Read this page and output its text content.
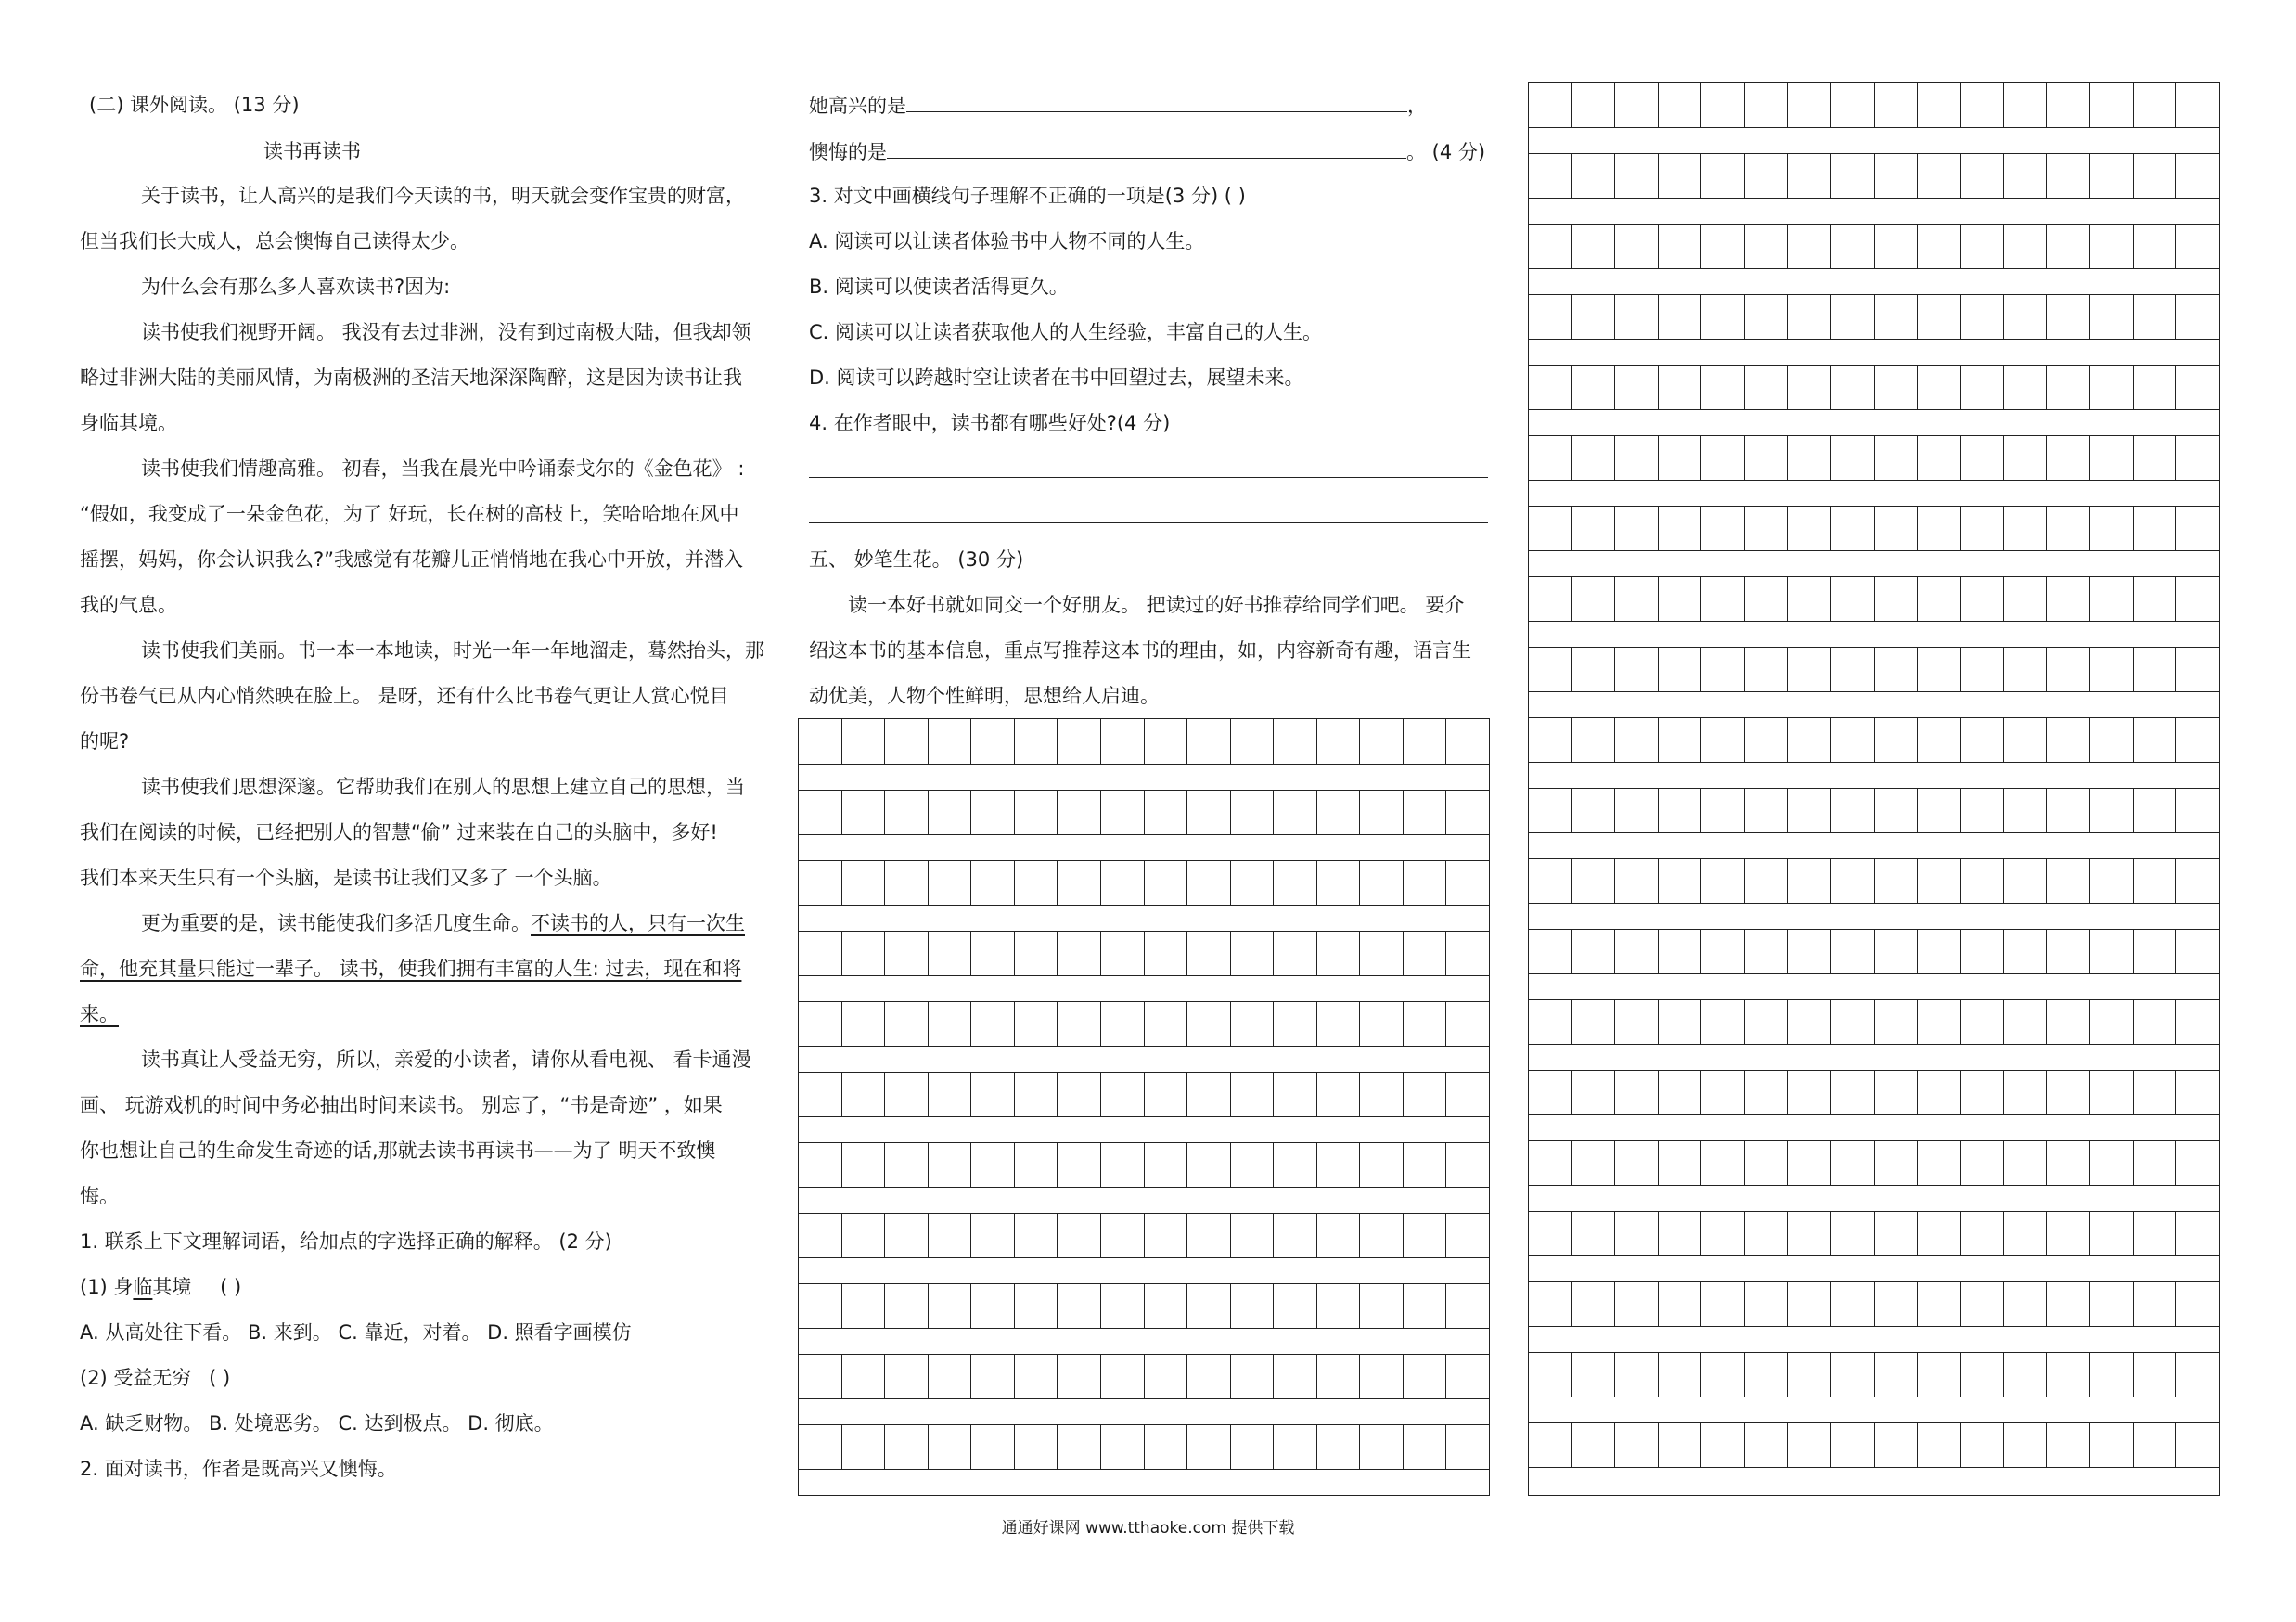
(二) 课外阅读。 (13 分)
读书再读书
关于读书，让人高兴的是我们今天读的书，明天就会变作宝贵的财富，
但当我们长大成人，总会懊悔自己读得太少。
为什么会有那么多人喜欢读书?因为:
读书使我们视野开阔。 我没有去过非洲，没有到过南极大陆，但我却领
略过非洲大陆的美丽风情，为南极洲的圣洁天地深深陶醉，这是因为读书让我
身临其境。
读书使我们情趣高雅。 初春，当我在晨光中吟诵泰戈尔的《金色花》 :
“假如，我变成了一朵金色花，为了 好玩，长在树的高枝上，笑哈哈地在风中
摇摆，妈妈，你会认识我么?”我感觉有花瓣儿正悄悄地在我心中开放，并潜入
我的气息。
读书使我们美丽。书一本一本地读，时光一年一年地溜走，蓦然抬头，那
份书卷气已从内心悄然映在脸上。 是呀，还有什么比书卷气更让人赏心悦目
的呢?
读书使我们思想深邃。它帮助我们在别人的思想上建立自己的思想，当
我们在阅读的时候，已经把别人的智慧“偷” 过来装在自己的头脑中，多好!
我们本来天生只有一个头脑，是读书让我们又多了 一个头脑。
更为重要的是，读书能使我们多活几度生命。不读书的人，只有一次生
命，他充其量只能过一辈子。 读书，使我们拥有丰富的人生: 过去，现在和将
来。
读书真让人受益无穷，所以，亲爱的小读者，请你从看电视、 看卡通漫
画、 玩游戏机的时间中务必抽出时间来读书。 别忘了，“书是奇迹” ，如果
你也想让自己的生命发生奇迹的话,那就去读书再读书——为了 明天不致懊
悔。
1. 联系上下文理解词语，给加点的字选择正确的解释。 (2 分)
(1) 身临其境 ( )
A. 从高处往下看。 B. 来到。 C. 靠近，对着。 D. 照看字画模仿
(2) 受益无穷 ( )
A. 缺乏财物。 B. 处境恶劣。 C. 达到极点。 D. 彻底。
2. 面对读书，作者是既高兴又懊悔。
她高兴的是	，
懊悔的是	。 (4 分)
3. 对文中画横线句子理解不正确的一项是(3 分) ( )
A. 阅读可以让读者体验书中人物不同的人生。
B. 阅读可以使读者活得更久。
C. 阅读可以让读者获取他人的人生经验，丰富自己的人生。
D. 阅读可以跨越时空让读者在书中回望过去，展望未来。
4. 在作者眼中，读书都有哪些好处?(4 分)
五、 妙笔生花。 (30 分)
读一本好书就如同交一个好朋友。 把读过的好书推荐给同学们吧。 要介
绍这本书的基本信息，重点写推荐这本书的理由，如，内容新奇有趣，语言生
动优美，人物个性鲜明，思想给人启迪。
通通好课网 www.tthaoke.com 提供下载
